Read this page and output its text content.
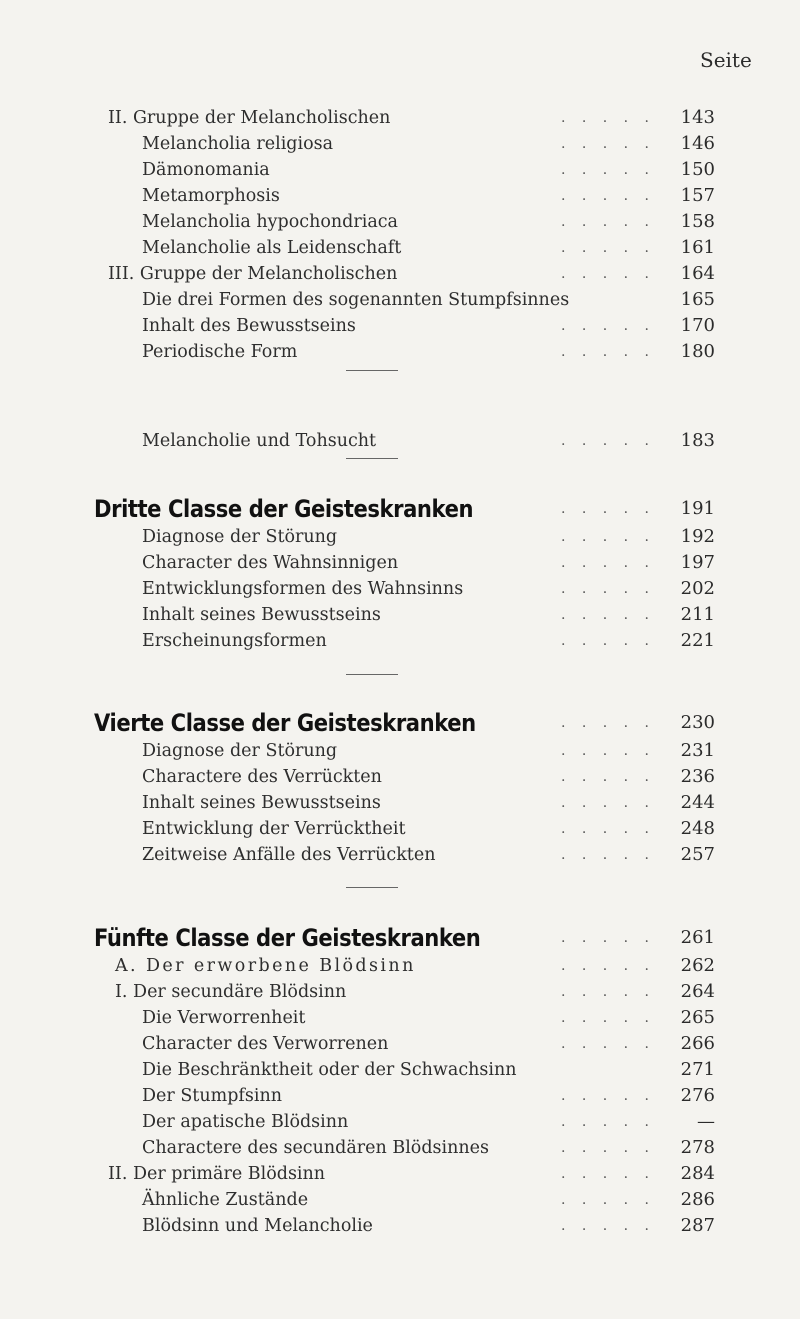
Seite
II. Gruppe der Melancholischen	. . . . .	143
Melancholia religiosa	. . . . .	146
Dämonomania	. . . . .	150
Metamorphosis	. . . . .	157
Melancholia hypochondriaca	. . . . .	158
Melancholie als Leidenschaft	. . . . .	161
III. Gruppe der Melancholischen	. . . . .	164
Die drei Formen des sogenannten Stumpfsinnes	165
Inhalt des Bewusstseins	. . . . .	170
Periodische Form	. . . . .	180
Melancholie und Tohsucht	. . . . .	183
Dritte Classe der Geisteskranken	. . . . .	191
Diagnose der Störung	. . . . .	192
Character des Wahnsinnigen	. . . . .	197
Entwicklungsformen des Wahnsinns	. . . . .	202
Inhalt seines Bewusstseins	. . . . .	211
Erscheinungsformen	. . . . .	221
Vierte Classe der Geisteskranken	. . . . .	230
Diagnose der Störung	. . . . .	231
Charactere des Verrückten	. . . . .	236
Inhalt seines Bewusstseins	. . . . .	244
Entwicklung der Verrücktheit	. . . . .	248
Zeitweise Anfälle des Verrückten	. . . . .	257
Fünfte Classe der Geisteskranken	. . . . .	261
A. Der erworbene Blödsinn	. . . . .	262
I. Der secundäre Blödsinn	. . . . .	264
Die Verworrenheit	. . . . .	265
Character des Verworrenen	. . . . .	266
Die Beschränktheit oder der Schwachsinn	271
Der Stumpfsinn	. . . . .	276
Der apatische Blödsinn	. . . . .	—
Charactere des secundären Blödsinnes	. . . . .	278
II. Der primäre Blödsinn	. . . . .	284
Ähnliche Zustände	. . . . .	286
Blödsinn und Melancholie	. . . . .	287
